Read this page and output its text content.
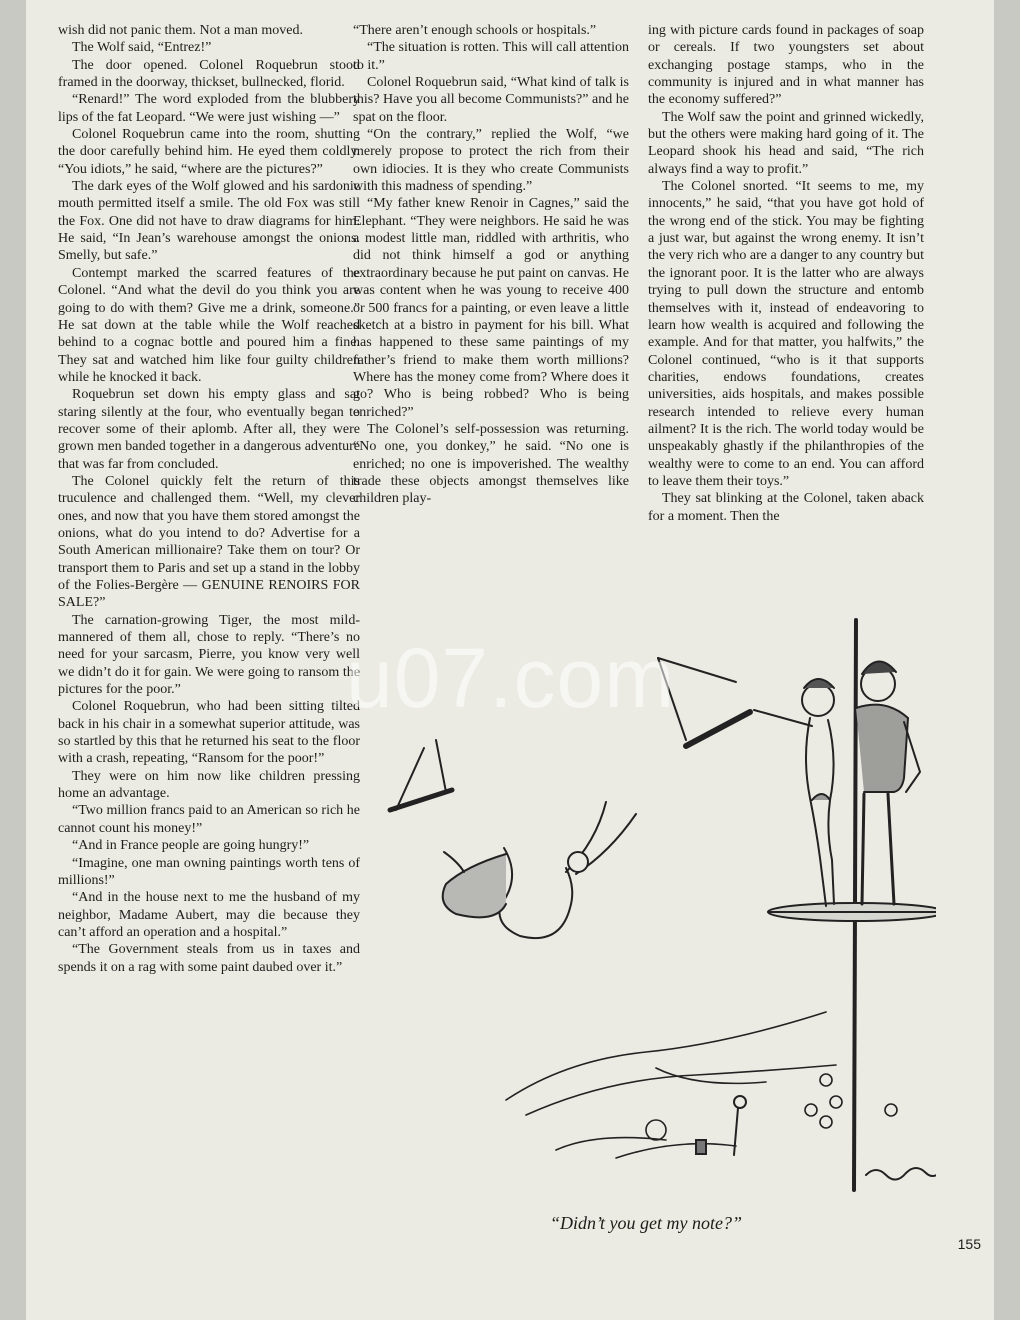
wish did not panic them. Not a man moved.

The Wolf said, “Entrez!”

The door opened. Colonel Roquebrun stood framed in the doorway, thickset, bullnecked, florid.

“Renard!” The word exploded from the blubbery lips of the fat Leopard. “We were just wishing —”

Colonel Roquebrun came into the room, shutting the door carefully behind him. He eyed them coldly. “You idiots,” he said, “where are the pictures?”

The dark eyes of the Wolf glowed and his sardonic mouth permitted itself a smile. The old Fox was still the Fox. One did not have to draw diagrams for him. He said, “In Jean’s warehouse amongst the onions. Smelly, but safe.”

Contempt marked the scarred features of the Colonel. “And what the devil do you think you are going to do with them? Give me a drink, someone.” He sat down at the table while the Wolf reached behind to a cognac bottle and poured him a fine. They sat and watched him like four guilty children while he knocked it back.

Roquebrun set down his empty glass and sat staring silently at the four, who eventually began to recover some of their aplomb. After all, they were grown men banded together in a dangerous adventure that was far from concluded.

The Colonel quickly felt the return of this truculence and challenged them. “Well, my clever ones, and now that you have them stored amongst the onions, what do you intend to do? Advertise for a South American millionaire? Take them on tour? Or transport them to Paris and set up a stand in the lobby of the Folies-Bergère — GENUINE RENOIRS FOR SALE?”

The carnation-growing Tiger, the most mild-mannered of them all, chose to reply. “There’s no need for your sarcasm, Pierre, you know very well we didn’t do it for gain. We were going to ransom the pictures for the poor.”

Colonel Roquebrun, who had been sitting tilted back in his chair in a somewhat superior attitude, was so startled by this that he returned his seat to the floor with a crash, repeating, “Ransom for the poor!”

They were on him now like children pressing home an advantage.

“Two million francs paid to an American so rich he cannot count his money!”

“And in France people are going hungry!”

“Imagine, one man owning paintings worth tens of millions!”

“And in the house next to me the husband of my neighbor, Madame Aubert, may die because they can’t afford an operation and a hospital.”

“The Government steals from us in taxes and spends it on a rag with some paint daubed over it.”

“There aren’t enough schools or hospitals.”

“The situation is rotten. This will call attention to it.”

Colonel Roquebrun said, “What kind of talk is this? Have you all become Communists?” and he spat on the floor.

“On the contrary,” replied the Wolf, “we merely propose to protect the rich from their own idiocies. It is they who create Communists with this madness of spending.”

“My father knew Renoir in Cagnes,” said the Elephant. “They were neighbors. He said he was a modest little man, riddled with arthritis, who did not think himself a god or anything extraordinary because he put paint on canvas. He was content when he was young to receive 400 or 500 francs for a painting, or even leave a little sketch at a bistro in payment for his bill. What has happened to these same paintings of my father’s friend to make them worth millions? Where has the money come from? Where does it go? Who is being robbed? Who is being enriched?”

The Colonel’s self-possession was returning. “No one, you donkey,” he said. “No one is enriched; no one is impoverished. The wealthy trade these objects amongst themselves like children play-

ing with picture cards found in packages of soap or cereals. If two youngsters set about exchanging postage stamps, who in the community is injured and in what manner has the economy suffered?”

The Wolf saw the point and grinned wickedly, but the others were making hard going of it. The Leopard shook his head and said, “The rich always find a way to profit.”

The Colonel snorted. “It seems to me, my innocents,” he said, “that you have got hold of the wrong end of the stick. You may be fighting a just war, but against the wrong enemy. It isn’t the very rich who are a danger to any country but the ignorant poor. It is the latter who are always trying to pull down the structure and entomb themselves with it, instead of endeavoring to learn how wealth is acquired and following the example. And for that matter, you halfwits,” the Colonel continued, “who is it that supports charities, endows foundations, creates universities, aids hospitals, and makes possible research intended to relieve every human ailment? It is the rich. The world today would be unspeakably ghastly if the philanthropies of the wealthy were to come to an end. You can afford to leave them their toys.”

They sat blinking at the Colonel, taken aback for a moment. Then the

u07.com
“Didn’t you get my note?”
155
